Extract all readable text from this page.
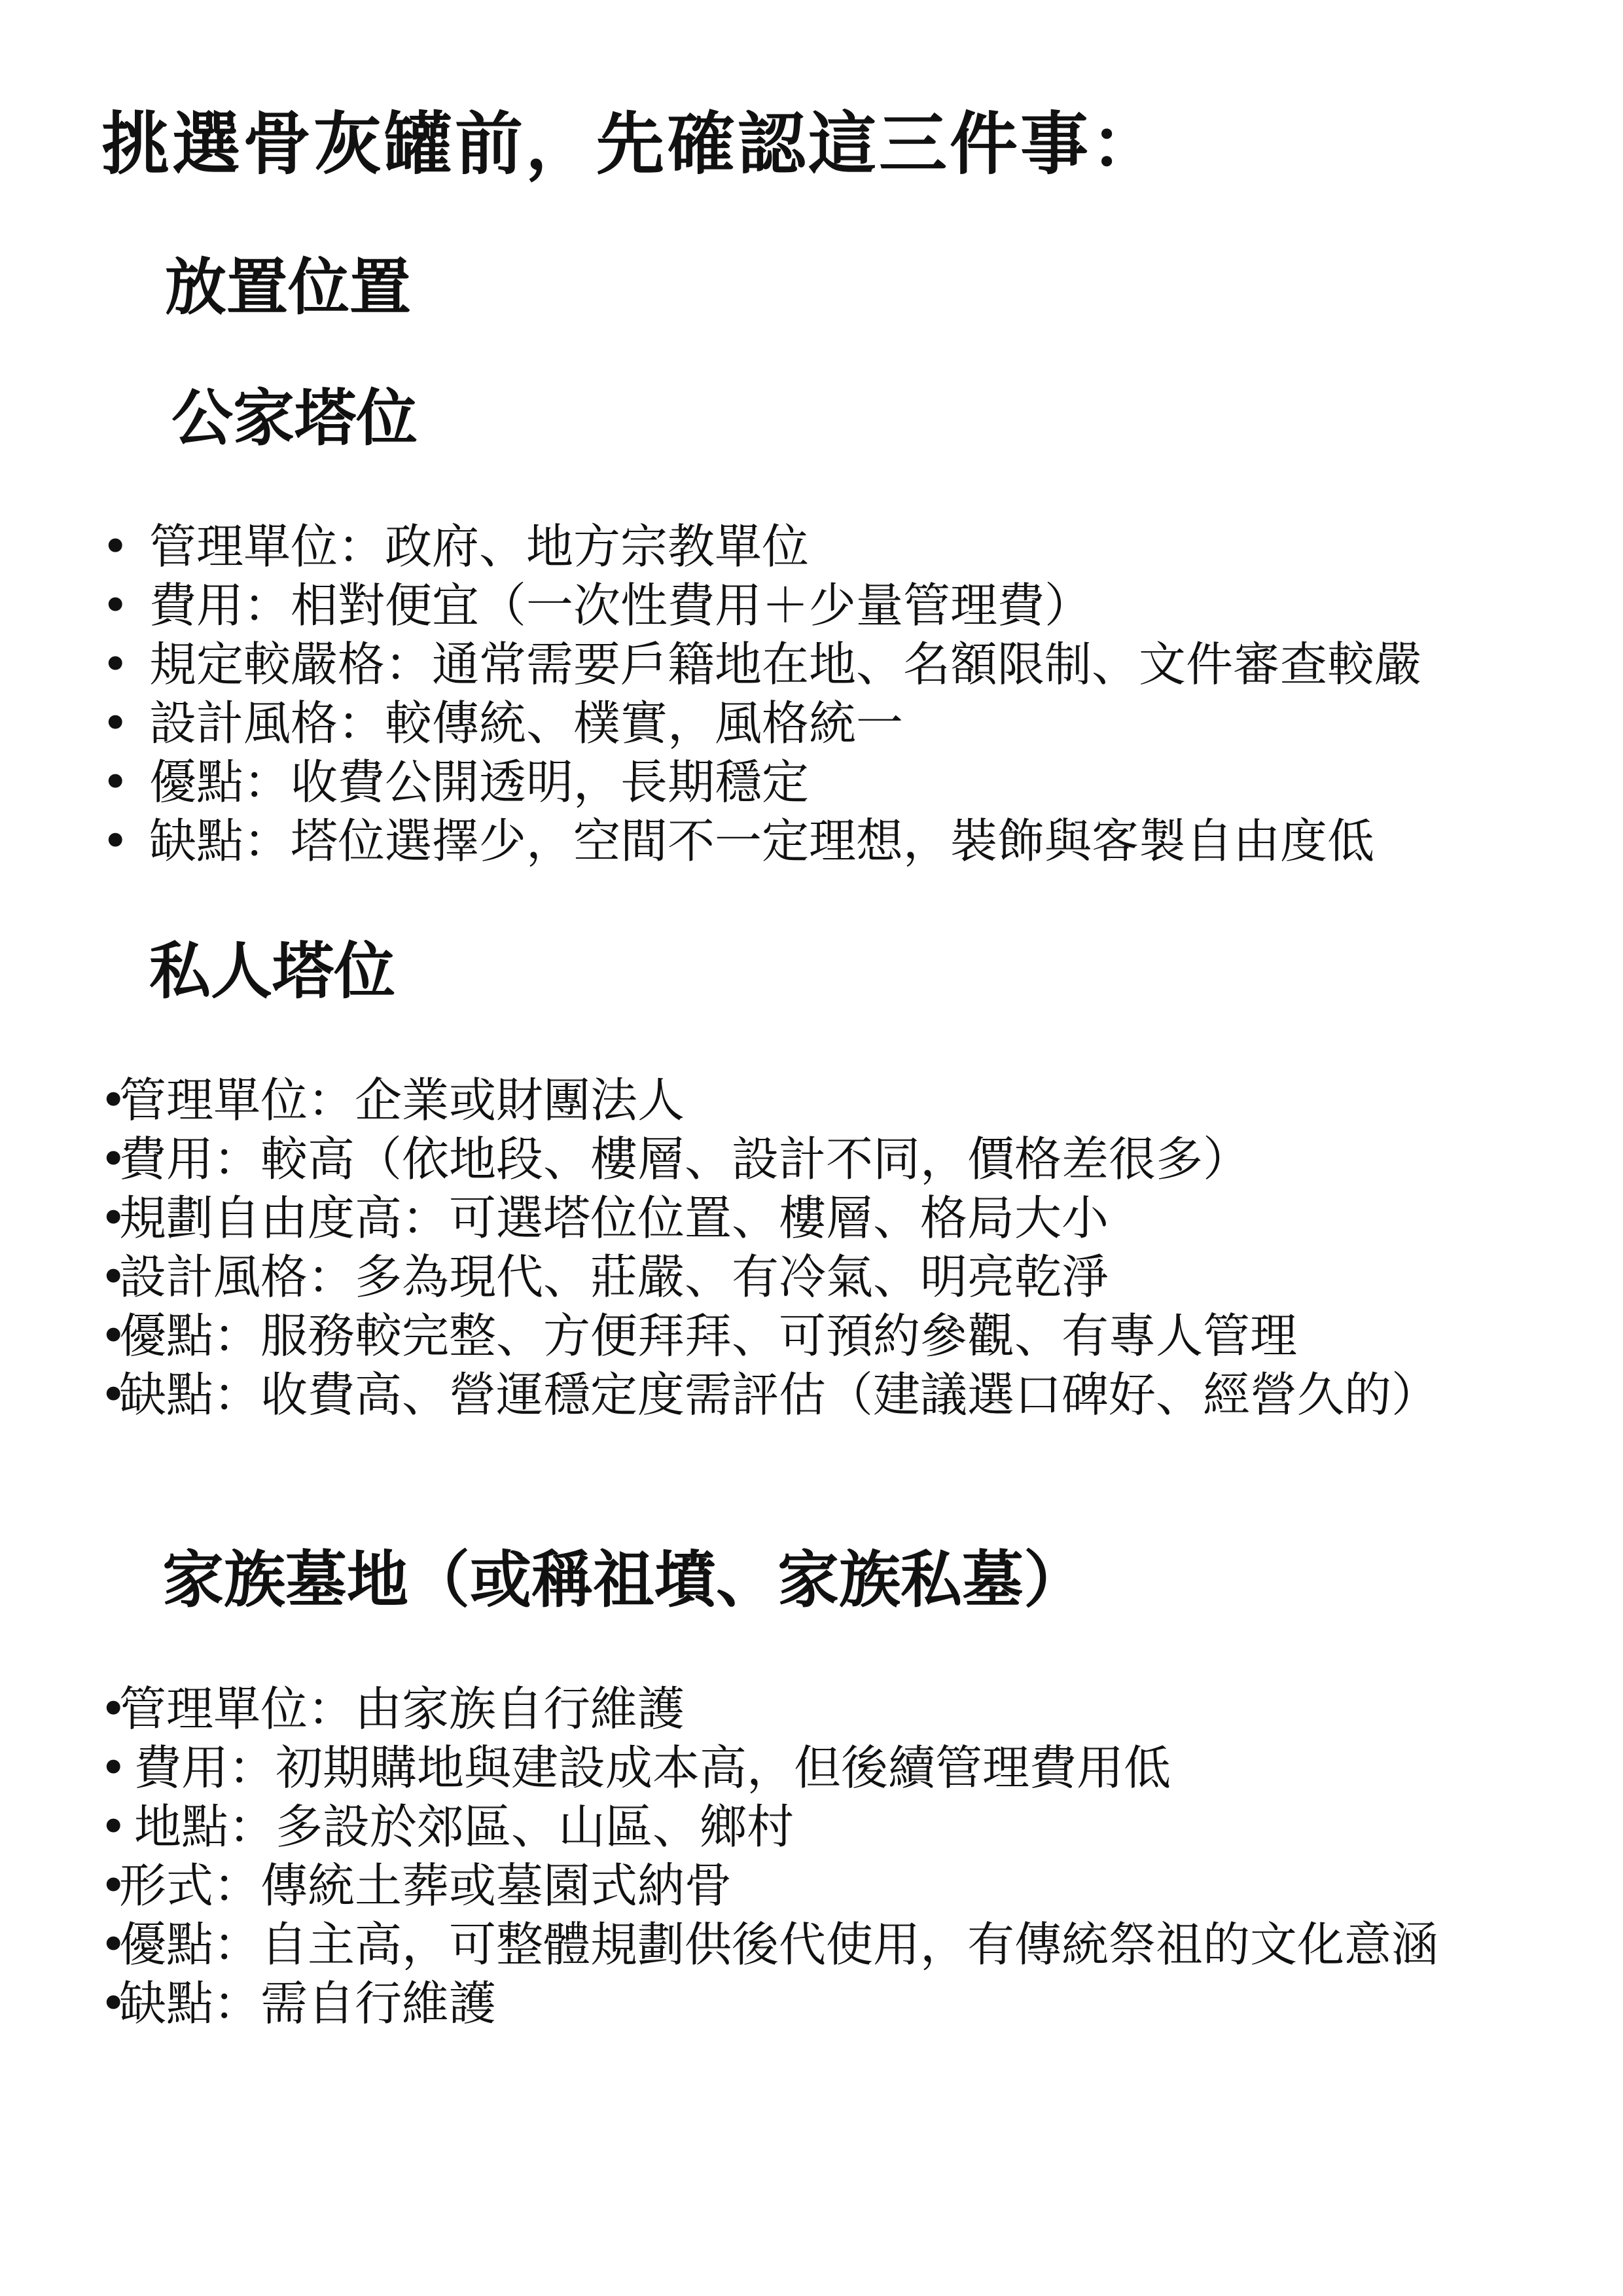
挑選骨灰罐前，先確認這三件事：
放置位置
公家塔位
• 管理單位：政府、地方宗教單位
• 費用：相對便宜（一次性費用＋少量管理費）
• 規定較嚴格：通常需要戶籍地在地、名額限制、文件審查較嚴
• 設計風格：較傳統、樸實，風格統一
• 優點：收費公開透明，長期穩定
• 缺點：塔位選擇少，空間不一定理想，裝飾與客製自由度低
私人塔位
•
管理單位：企業或財團法人
•
費用：較高（依地段、樓層、設計不同，價格差很多）
•
規劃自由度高：可選塔位位置、樓層、格局大小
•
設計風格：多為現代、莊嚴、有冷氣、明亮乾淨
•
優點：服務較完整、方便拜拜、可預約參觀、有專人管理
•
缺點：收費高、營運穩定度需評估（建議選口碑好、經營久的）
家族墓地（或稱祖墳、家族私墓）
•
管理單位：由家族自行維護
• 費用：初期購地與建設成本高，但後續管理費用低
• 地點：多設於郊區、山區、鄉村
•
形式：傳統土葬或墓園式納骨
•
優點：自主高，可整體規劃供後代使用，有傳統祭祖的文化意涵
•
缺點：需自行維護
